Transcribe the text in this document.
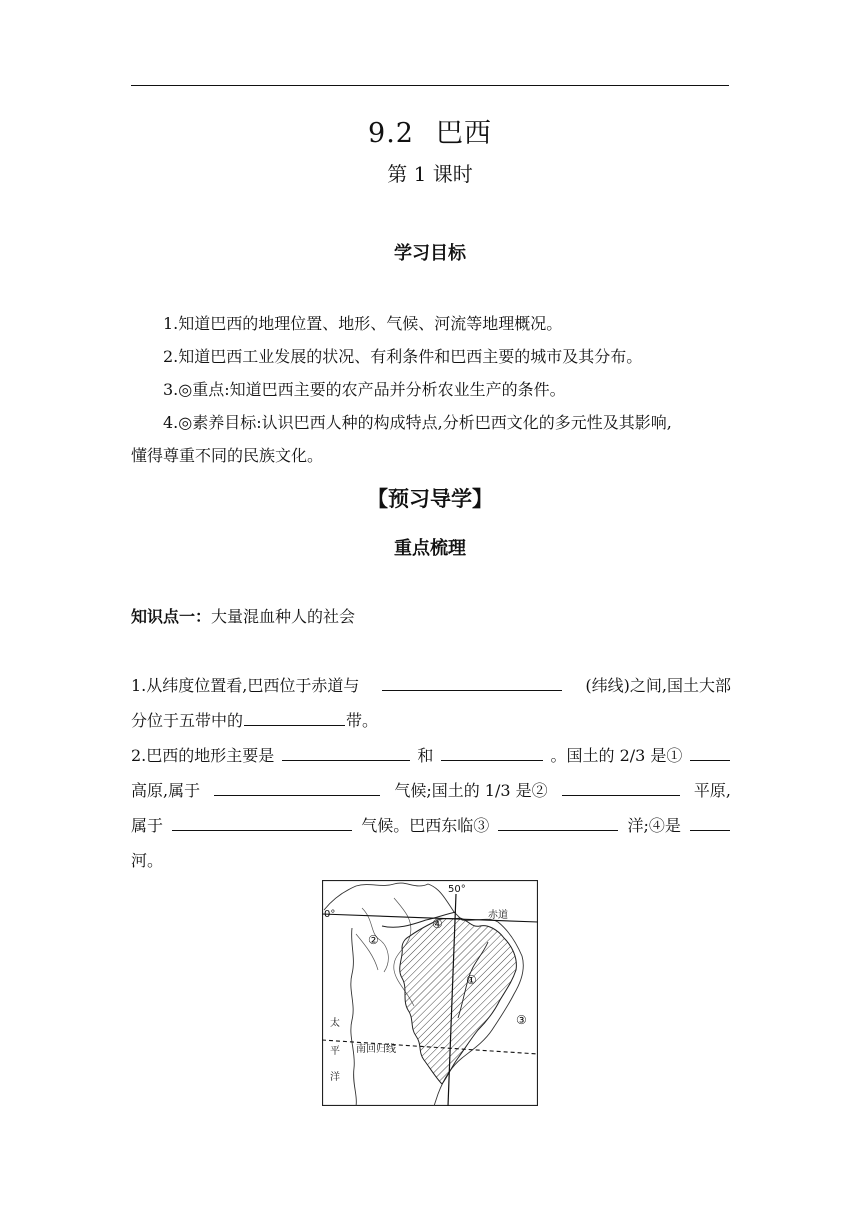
9.2 巴西
第 1 课时
学习目标
1.知道巴西的地理位置、地形、气候、河流等地理概况。
2.知道巴西工业发展的状况、有利条件和巴西主要的城市及其分布。
3.◎重点:知道巴西主要的农产品并分析农业生产的条件。
4.◎素养目标:认识巴西人种的构成特点,分析巴西文化的多元性及其影响,
懂得尊重不同的民族文化。
【预习导学】
重点梳理
知识点一：大量混血种人的社会
1.从纬度位置看,巴西位于赤道与	(纬线)之间,国土大部
分位于五带中的	带。
2.巴西的地形主要是	和	。国土的 2/3 是①
高原,属于	气候;国土的 1/3 是②	平原,
属于	气候。巴西东临③	洋;④是
河。
50°
0°	赤道
南回归线
太
平
洋
①
②
③
④
